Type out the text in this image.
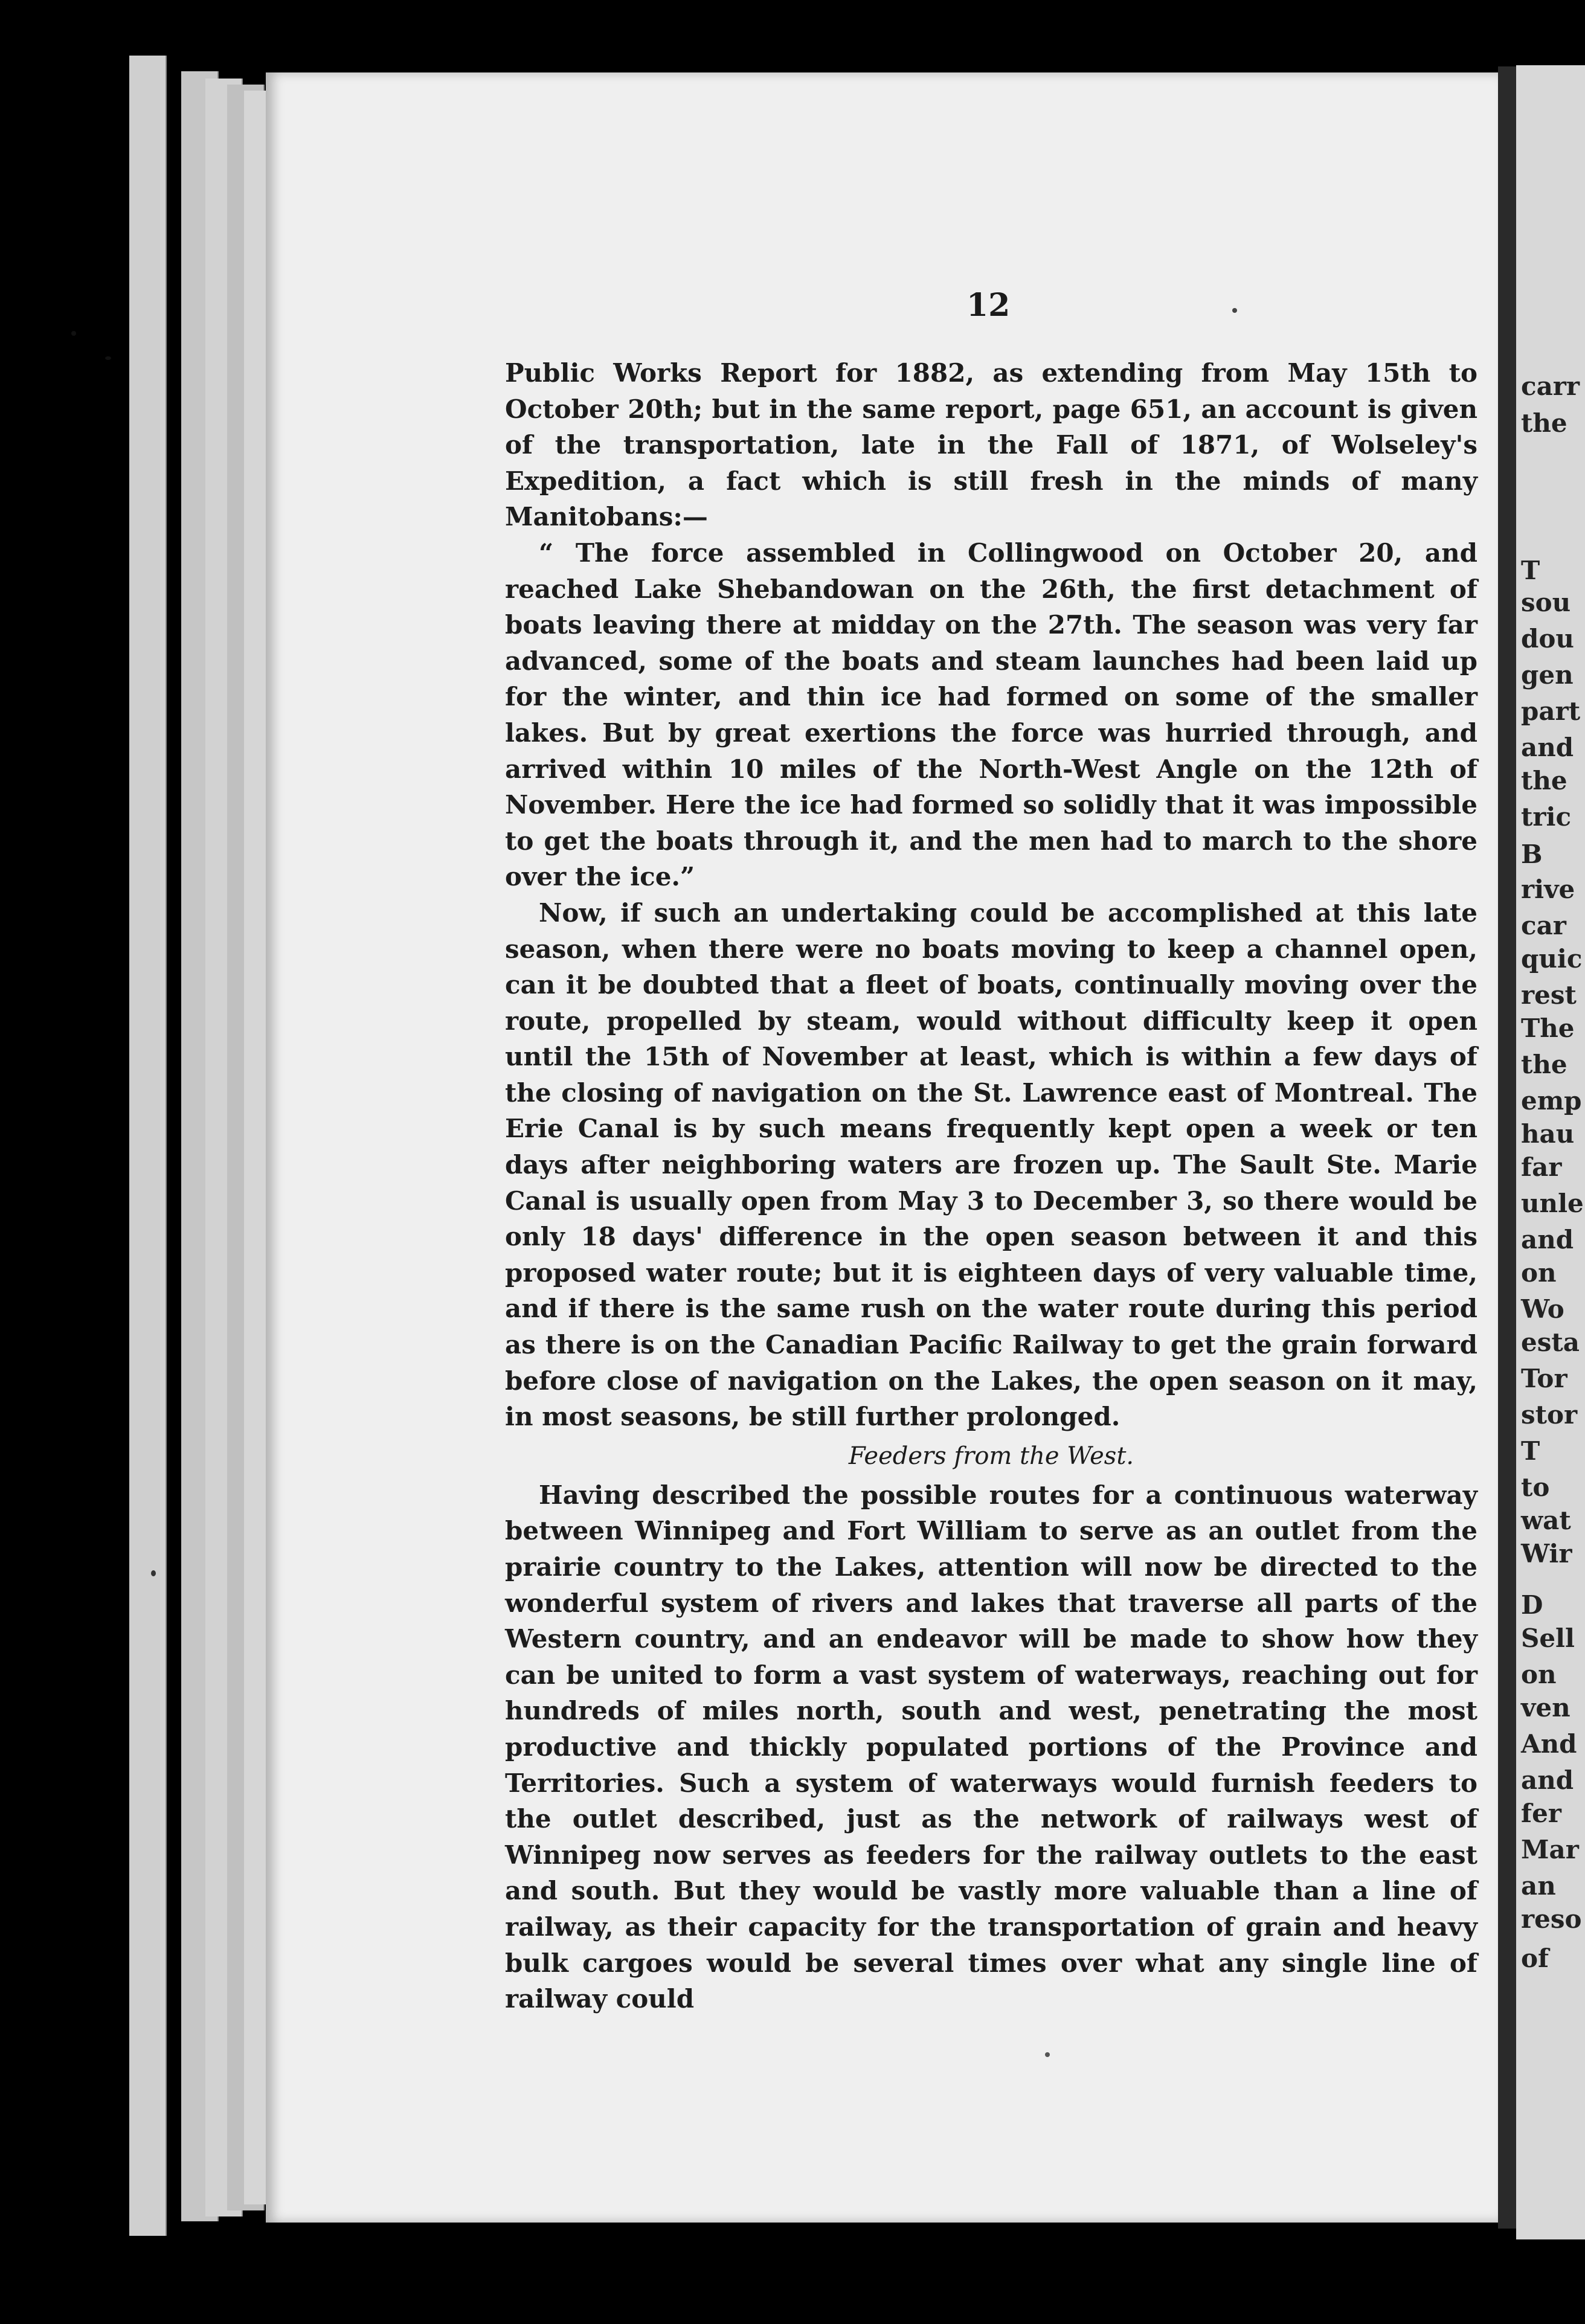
12

Public Works Report for 1882, as extending from May 15th to October 20th; but in the same report, page 651, an account is given of the transportation, late in the Fall of 1871, of Wolseley's Expedition, a fact which is still fresh in the minds of many Manitobans:—

“ The force assembled in Collingwood on October 20, and reached Lake Shebandowan on the 26th, the first detachment of boats leaving there at midday on the 27th. The season was very far advanced, some of the boats and steam launches had been laid up for the winter, and thin ice had formed on some of the smaller lakes. But by great exertions the force was hurried through, and arrived within 10 miles of the North-West Angle on the 12th of November. Here the ice had formed so solidly that it was impossible to get the boats through it, and the men had to march to the shore over the ice.”

Now, if such an undertaking could be accomplished at this late season, when there were no boats moving to keep a channel open, can it be doubted that a fleet of boats, continually moving over the route, propelled by steam, would without difficulty keep it open until the 15th of November at least, which is within a few days of the closing of navigation on the St. Lawrence east of Montreal. The Erie Canal is by such means frequently kept open a week or ten days after neighboring waters are frozen up. The Sault Ste. Marie Canal is usually open from May 3 to December 3, so there would be only 18 days' difference in the open season between it and this proposed water route; but it is eighteen days of very valuable time, and if there is the same rush on the water route during this period as there is on the Canadian Pacific Railway to get the grain forward before close of navigation on the Lakes, the open season on it may, in most seasons, be still further prolonged.

Feeders from the West.

Having described the possible routes for a continuous waterway between Winnipeg and Fort William to serve as an outlet from the prairie country to the Lakes, attention will now be directed to the wonderful system of rivers and lakes that traverse all parts of the Western country, and an endeavor will be made to show how they can be united to form a vast system of waterways, reaching out for hundreds of miles north, south and west, penetrating the most productive and thickly populated portions of the Province and Territories. Such a system of waterways would furnish feeders to the outlet described, just as the network of railways west of Winnipeg now serves as feeders for the railway outlets to the east and south. But they would be vastly more valuable than a line of railway, as their capacity for the transportation of grain and heavy bulk cargoes would be several times over what any single line of railway could

carr
the
T
sou
dou
gen
part
and
the
tric
B
rive
car
quic
rest
The
the
emp
hau
far
unle
and
on
Wo
esta
Tor
stor
T
to
wat
Wir
D
Sell
on
ven
And
and
fer
Mar
an
reso
of
